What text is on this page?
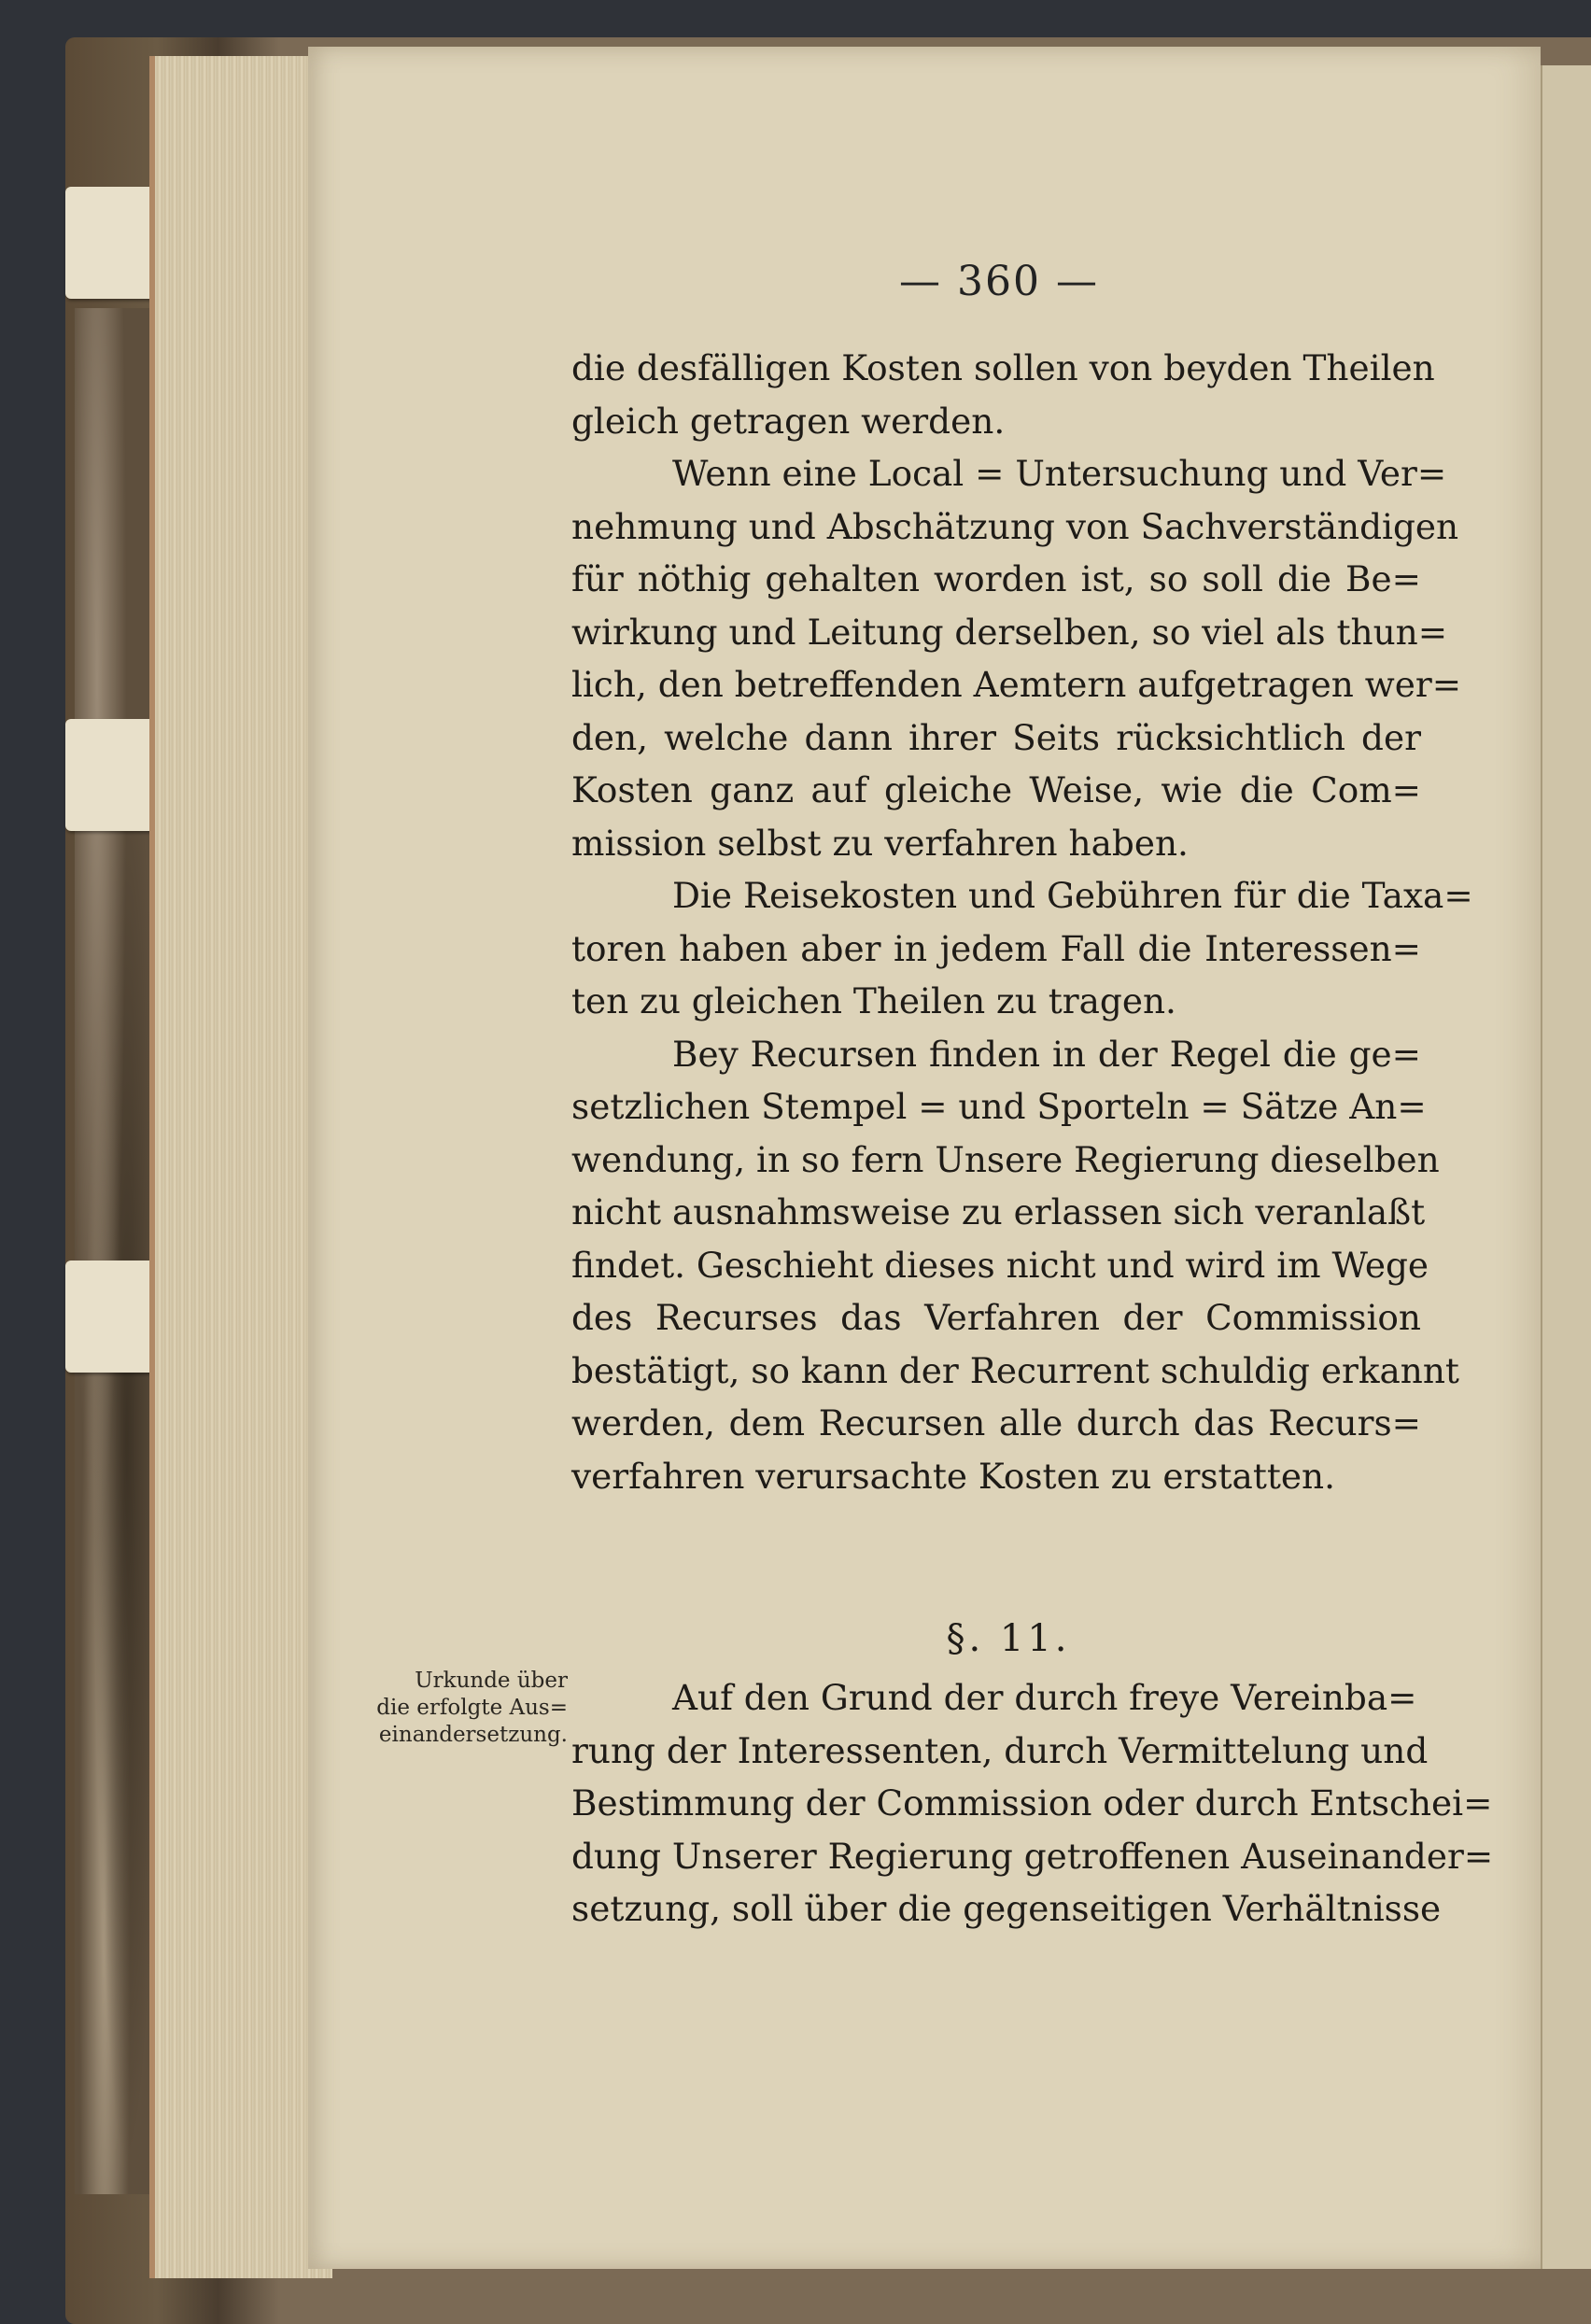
— 360 —
die desfälligen Kosten sollen von beyden Theilen
gleich getragen werden.
Wenn eine Local = Untersuchung und Ver=
nehmung und Abschätzung von Sachverständigen
für nöthig gehalten worden ist, so soll die Be=
wirkung und Leitung derselben, so viel als thun=
lich, den betreffenden Aemtern aufgetragen wer=
den, welche dann ihrer Seits rücksichtlich der
Kosten ganz auf gleiche Weise, wie die Com=
mission selbst zu verfahren haben.
Die Reisekosten und Gebühren für die Taxa=
toren haben aber in jedem Fall die Interessen=
ten zu gleichen Theilen zu tragen.
Bey Recursen finden in der Regel die ge=
setzlichen Stempel = und Sporteln = Sätze An=
wendung, in so fern Unsere Regierung dieselben
nicht ausnahmsweise zu erlassen sich veranlaßt
findet. Geschieht dieses nicht und wird im Wege
des Recurses das Verfahren der Commission
bestätigt, so kann der Recurrent schuldig erkannt
werden, dem Recursen alle durch das Recurs=
verfahren verursachte Kosten zu erstatten.
§. 11.
Urkunde über
die erfolgte Aus=
einandersetzung.
Auf den Grund der durch freye Vereinba=
rung der Interessenten, durch Vermittelung und
Bestimmung der Commission oder durch Entschei=
dung Unserer Regierung getroffenen Auseinander=
setzung, soll über die gegenseitigen Verhältnisse
